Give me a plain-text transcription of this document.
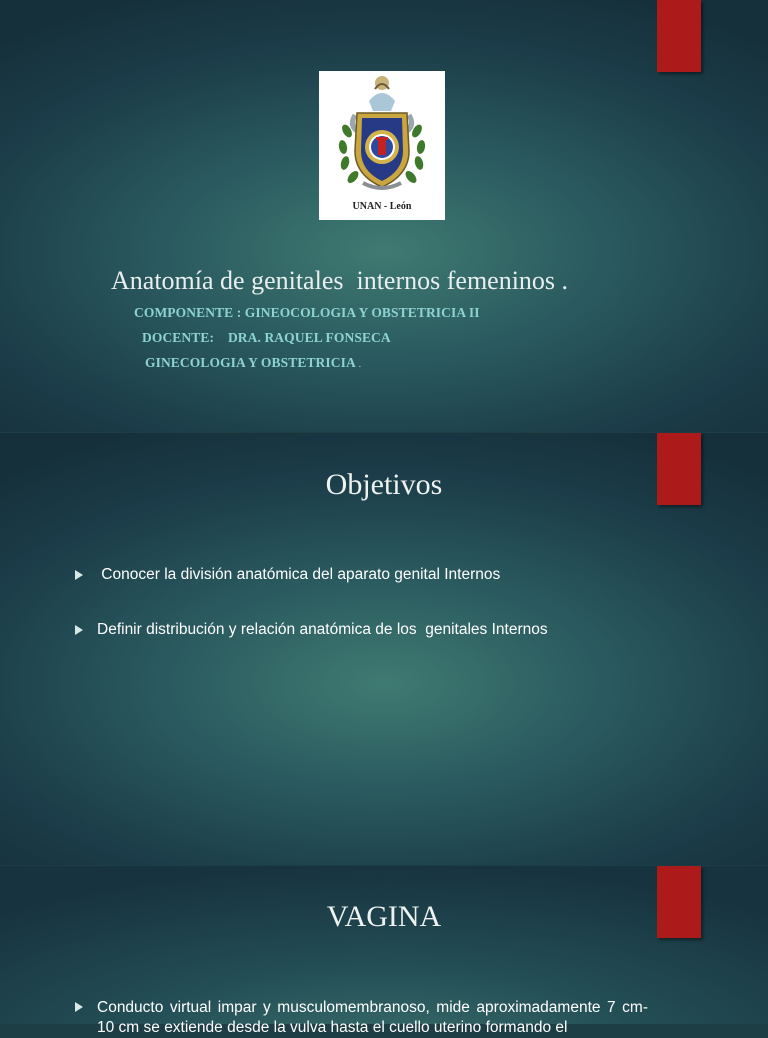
UNAN - León
Anatomía de genitales  internos femeninos .
COMPONENTE : GINEOCOLOGIA Y OBSTETRICIA II
DOCENTE:    DRA. RAQUEL FONSECA
GINECOLOGIA Y OBSTETRICIA .
Objetivos
Conocer la división anatómica del aparato genital Internos
Definir distribución y relación anatómica de los  genitales Internos
VAGINA
Conducto virtual impar y musculomembranoso, mide aproximadamente 7 cm- 10 cm se extiende desde la vulva hasta el cuello uterino formando el
